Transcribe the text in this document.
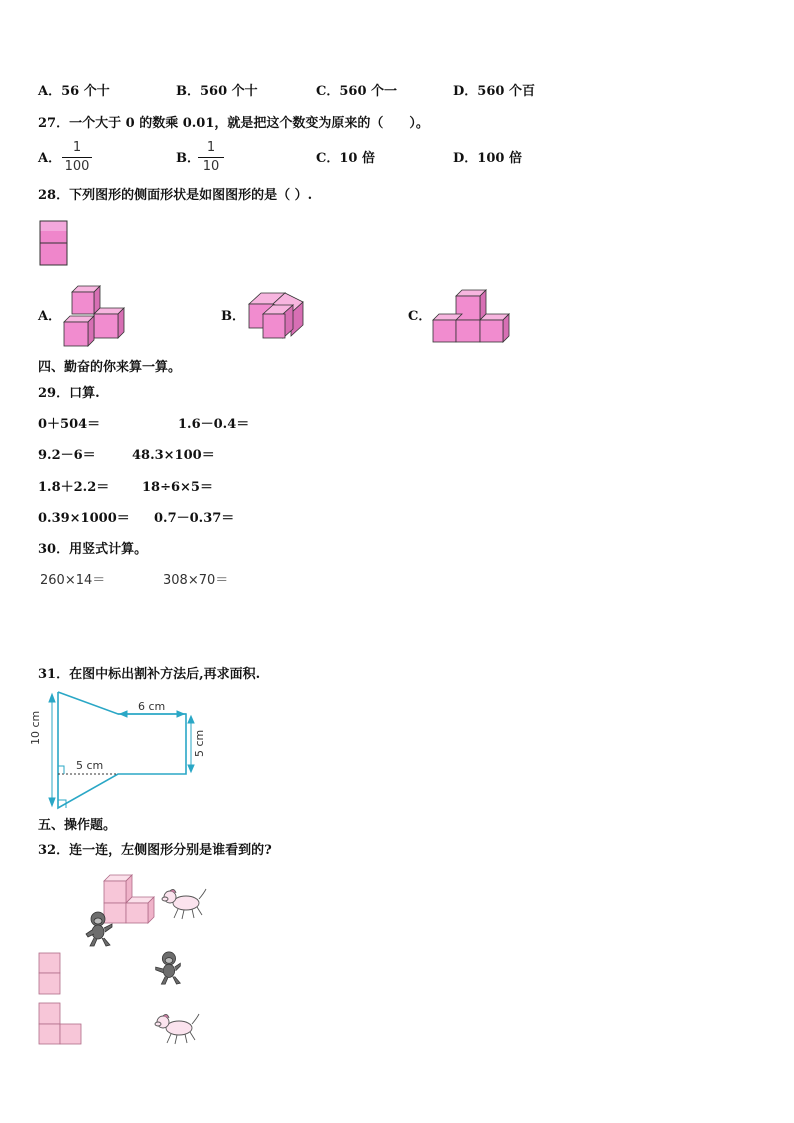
A．56 个十	B．560 个十	C．560 个一	D．560 个百
27．一个大于 0 的数乘 0.01，就是把这个数变为原来的（　　）。
A．
1
100
B．
1
10
C．10 倍	D．100 倍
28．下列图形的侧面形状是如图图形的是（ ）.
A．	B．	C．
四、勤奋的你来算一算。
29．口算.
0＋504＝	1.6－0.4＝
9.2－6＝	48.3×100＝
1.8＋2.2＝	18÷6×5＝
0.39×1000＝ 0.7－0.37＝
30．用竖式计算。
260×14＝	308×70＝
31．在图中标出割补方法后,再求面积.
6 cm
5 cm
10 cm	5 cm
五、操作题。
32．连一连，左侧图形分别是谁看到的?
